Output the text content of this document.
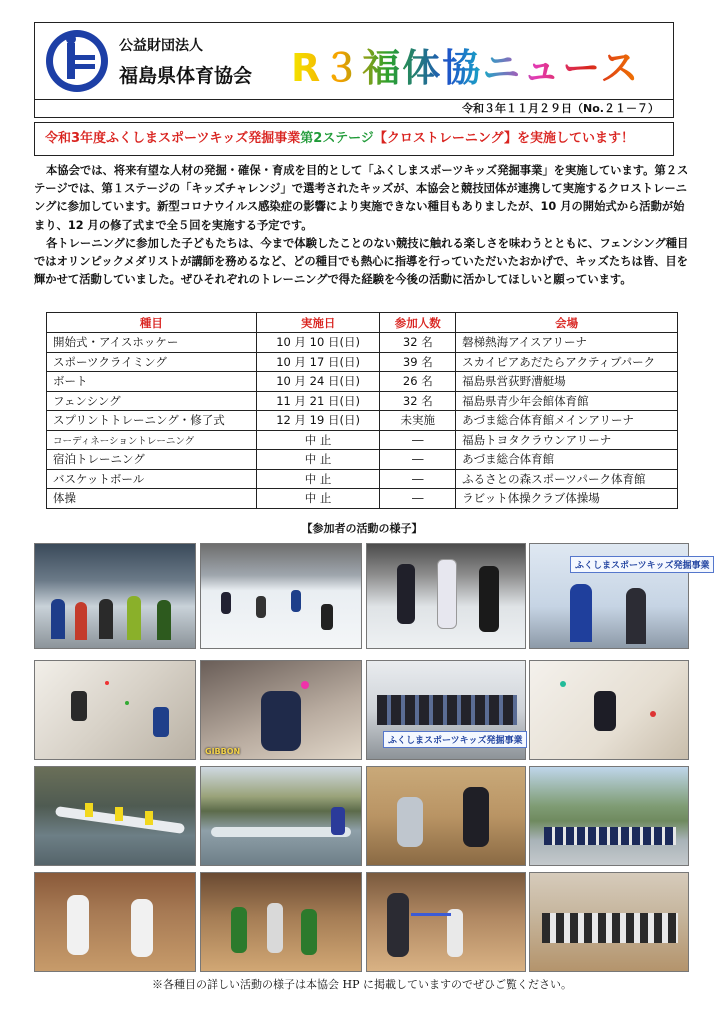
公益財団法人
福島県体育協会 R３福体協ニュース
令和３年１１月２９日（No.２１－７）
令和3年度ふくしまスポーツキッズ発掘事業第2ステージ【クロストレーニング】を実施しています！

本協会では、将来有望な人材の発掘・確保・育成を目的として「ふくしまスポーツキッズ発掘事業」を実施しています。第２ステージでは、第１ステージの「キッズチャレンジ」で選考されたキッズが、本協会と競技団体が連携して実施するクロストレーニングに参加しています。新型コロナウイルス感染症の影響により実施できない種目もありましたが、10 月の開始式から活動が始まり、12 月の修了式まで全５回を実施する予定です。

各トレーニングに参加した子どもたちは、今まで体験したことのない競技に触れる楽しさを味わうとともに、フェンシング種目ではオリンピックメダリストが講師を務めるなど、どの種目でも熱心に指導を行っていただいたおかげで、キッズたちは皆、目を輝かせて活動していました。ぜひそれぞれのトレーニングで得た経験を今後の活動に活かしてほしいと願っています。

種目	実施日	参加人数	会場
開始式・アイスホッケー	10 月 10 日(日)	32 名	磐梯熱海アイスアリーナ
スポーツクライミング	10 月 17 日(日)	39 名	スカイピアあだたらアクティブパーク
ボート	10 月 24 日(日)	26 名	福島県営荻野漕艇場
フェンシング	11 月 21 日(日)	32 名	福島県青少年会館体育館
スプリントトレーニング・修了式	12 月 19 日(日)	未実施	あづま総合体育館メインアリーナ
コーディネーショントレーニング	中 止	―	福島トヨタクラウンアリーナ
宿泊トレーニング	中 止	―	あづま総合体育館
バスケットボール	中 止	―	ふるさとの森スポーツパーク体育館
体操	中 止	―	ラビット体操クラブ体操場
【参加者の活動の様子】
ふくしまスポーツキッズ発掘事業
GIBBON
ふくしまスポーツキッズ発掘事業
※各種目の詳しい活動の様子は本協会 HP に掲載していますのでぜひご覧ください。
